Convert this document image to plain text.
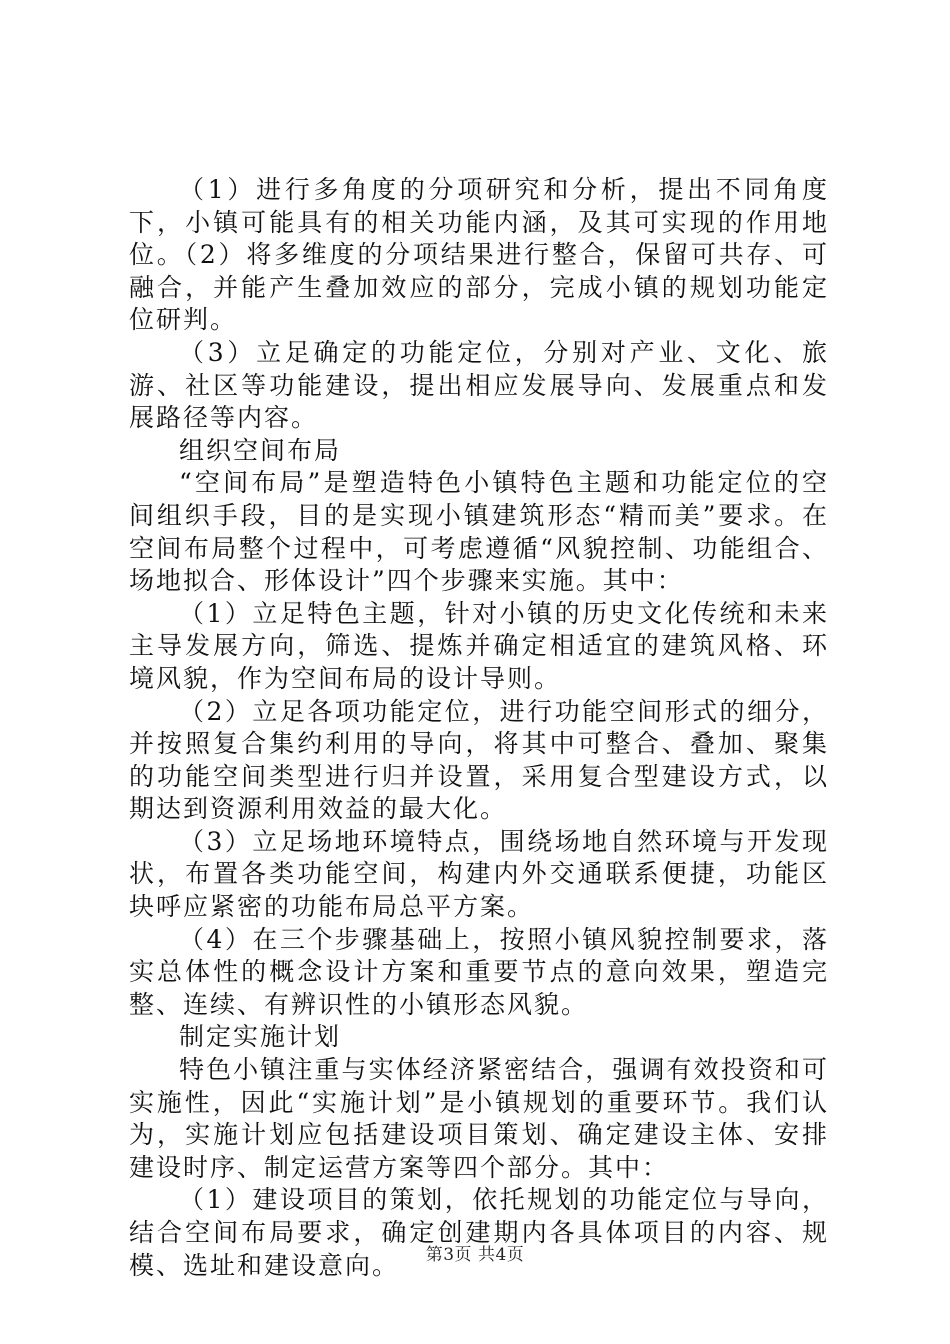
（1）进行多角度的分项研究和分析，提出不同角度下，小镇可能具有的相关功能内涵，及其可实现的作用地位。（2）将多维度的分项结果进行整合，保留可共存、可融合，并能产生叠加效应的部分，完成小镇的规划功能定位研判。

（3）立足确定的功能定位，分别对产业、文化、旅游、社区等功能建设，提出相应发展导向、发展重点和发展路径等内容。

组织空间布局

“空间布局”是塑造特色小镇特色主题和功能定位的空间组织手段，目的是实现小镇建筑形态“精而美”要求。在空间布局整个过程中，可考虑遵循“风貌控制、功能组合、场地拟合、形体设计”四个步骤来实施。其中：

（1）立足特色主题，针对小镇的历史文化传统和未来主导发展方向，筛选、提炼并确定相适宜的建筑风格、环境风貌，作为空间布局的设计导则。

（2）立足各项功能定位，进行功能空间形式的细分，并按照复合集约利用的导向，将其中可整合、叠加、聚集的功能空间类型进行归并设置，采用复合型建设方式，以期达到资源利用效益的最大化。

（3）立足场地环境特点，围绕场地自然环境与开发现状，布置各类功能空间，构建内外交通联系便捷，功能区块呼应紧密的功能布局总平方案。

（4）在三个步骤基础上，按照小镇风貌控制要求，落实总体性的概念设计方案和重要节点的意向效果，塑造完整、连续、有辨识性的小镇形态风貌。

制定实施计划

特色小镇注重与实体经济紧密结合，强调有效投资和可实施性，因此“实施计划”是小镇规划的重要环节。我们认为，实施计划应包括建设项目策划、确定建设主体、安排建设时序、制定运营方案等四个部分。其中：

（1）建设项目的策划，依托规划的功能定位与导向，结合空间布局要求，确定创建期内各具体项目的内容、规模、选址和建设意向。	第3页 共4页
